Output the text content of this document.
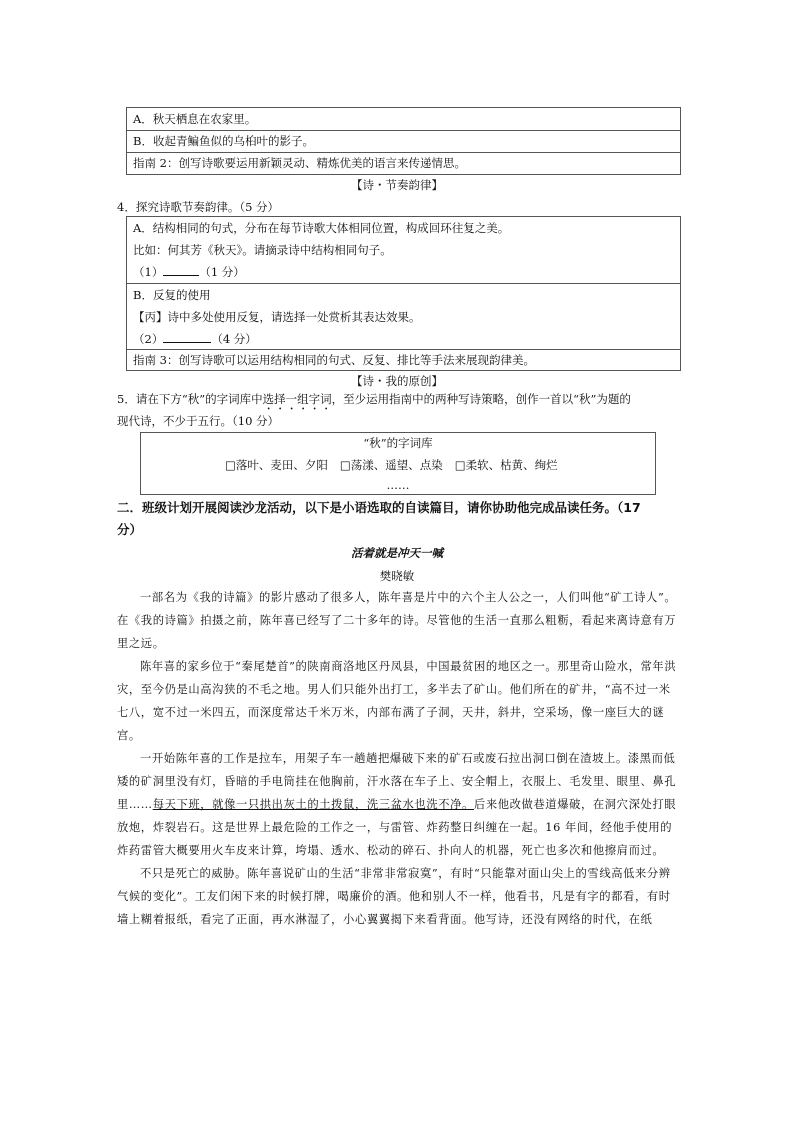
A．秋天栖息在农家里。
B．收起青鳊鱼似的乌桕叶的影子。
指南 2：创写诗歌要运用新颖灵动、精炼优美的语言来传递情思。
【诗・节奏韵律】
4．探究诗歌节奏韵律。（5 分）
A．结构相同的句式，分布在每节诗歌大体相同位置，构成回环往复之美。
比如：何其芳《秋天》。请摘录诗中结构相同句子。
（1）	（1 分）
B．反复的使用
【丙】诗中多处使用反复，请选择一处赏析其表达效果。
（2）	（4 分）
指南 3：创写诗歌可以运用结构相同的句式、反复、排比等手法来展现韵律美。
【诗・我的原创】
5．请在下方“秋”的字词库中选择一组字词，至少运用指南中的两种写诗策略，创作一首以“秋”为题的
现代诗，不少于五行。（10 分）
“秋”的字词库
□落叶、麦田、夕阳 □荡漾、遥望、点染 □柔软、枯黄、绚烂
……
二．班级计划开展阅读沙龙活动，以下是小语选取的自读篇目，请你协助他完成品读任务。（17
分）
活着就是冲天一喊
樊晓敏
一部名为《我的诗篇》的影片感动了很多人，陈年喜是片中的六个主人公之一，人们叫他“矿工诗人”。在《我的诗篇》拍摄之前，陈年喜已经写了二十多年的诗。尽管他的生活一直那么粗粝，看起来离诗意有万里之远。
陈年喜的家乡位于“秦尾楚首”的陕南商洛地区丹凤县，中国最贫困的地区之一。那里奇山险水，常年洪灾，至今仍是山高沟狭的不毛之地。男人们只能外出打工，多半去了矿山。他们所在的矿井，“高不过一米七八，宽不过一米四五，而深度常达千米万米，内部布满了子洞，天井，斜井，空采场，像一座巨大的谜宫。
一开始陈年喜的工作是拉车，用架子车一趟趟把爆破下来的矿石或废石拉出洞口倒在渣坡上。漆黑而低矮的矿洞里没有灯，昏暗的手电筒挂在他胸前，汗水落在车子上、安全帽上，衣服上、毛发里、眼里、鼻孔里……每天下班，就像一只拱出灰土的土拨鼠，洗三盆水也洗不净。后来他改做巷道爆破，在洞穴深处打眼放炮，炸裂岩石。这是世界上最危险的工作之一，与雷管、炸药整日纠缠在一起。16 年间，经他手使用的炸药雷管大概要用火车皮来计算，垮塌、透水、松动的碎石、扑向人的机器，死亡也多次和他擦肩而过。
不只是死亡的威胁。陈年喜说矿山的生活“非常非常寂寞”，有时“只能靠对面山尖上的雪线高低来分辨气候的变化”。工友们闲下来的时候打牌，喝廉价的酒。他和别人不一样，他看书，凡是有字的都看，有时墙上糊着报纸，看完了正面，再水淋湿了，小心翼翼揭下来看背面。他写诗，还没有网络的时代，在纸
